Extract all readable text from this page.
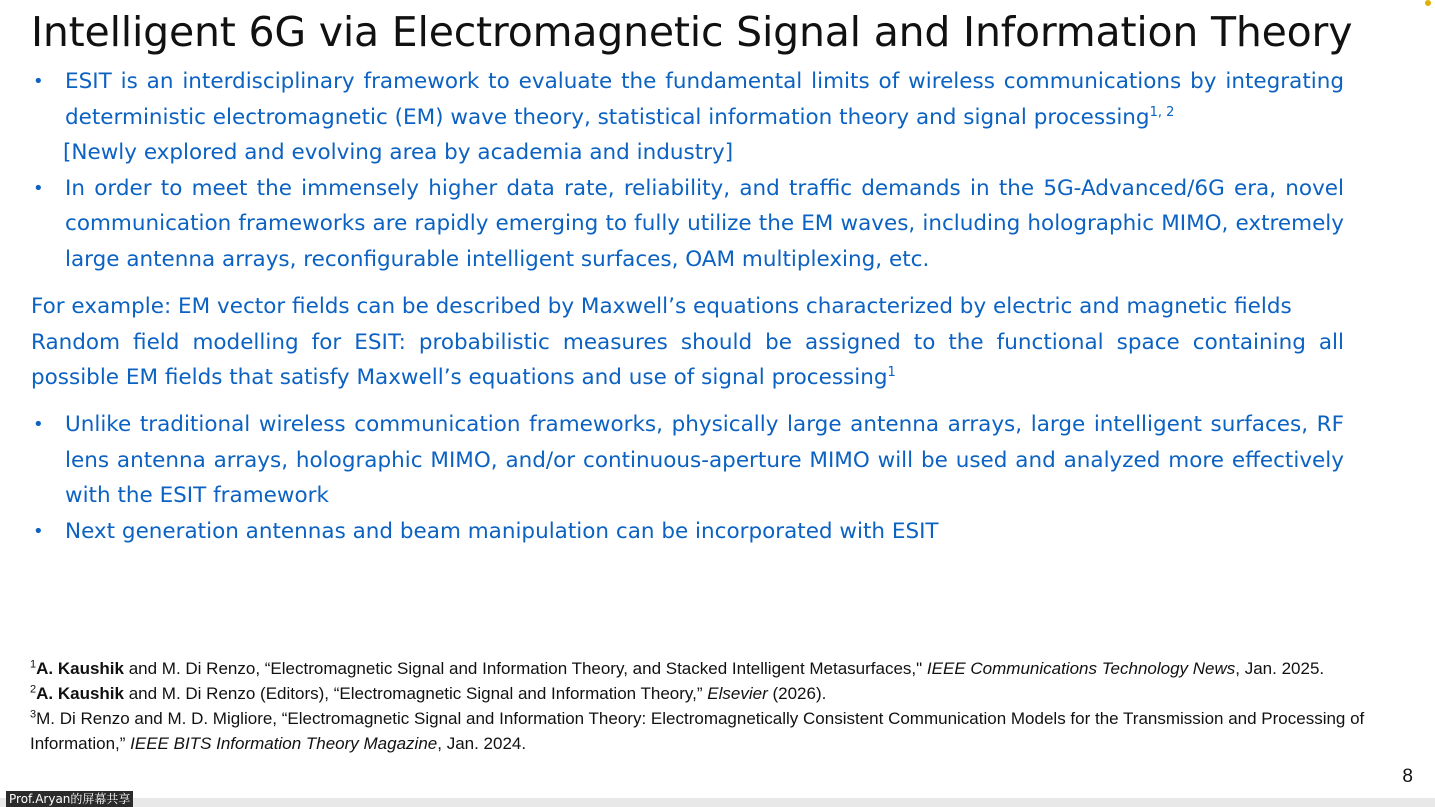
Intelligent 6G via Electromagnetic Signal and Information Theory
• ESIT is an interdisciplinary framework to evaluate the fundamental limits of wireless communications by integrating deterministic electromagnetic (EM) wave theory, statistical information theory and signal processing$^{1, 2}$
[Newly explored and evolving area by academia and industry]
• In order to meet the immensely higher data rate, reliability, and traffic demands in the 5G-Advanced/6G era, novel communication frameworks are rapidly emerging to fully utilize the EM waves, including holographic MIMO, extremely large antenna arrays, reconfigurable intelligent surfaces, OAM multiplexing, etc.
For example: EM vector fields can be described by Maxwell’s equations characterized by electric and magnetic fields
Random field modelling for ESIT: probabilistic measures should be assigned to the functional space containing all possible EM fields that satisfy Maxwell’s equations and use of signal processing$^1$
• Unlike traditional wireless communication frameworks, physically large antenna arrays, large intelligent surfaces, RF lens antenna arrays, holographic MIMO, and/or continuous-aperture MIMO will be used and analyzed more effectively with the ESIT framework
• Next generation antennas and beam manipulation can be incorporated with ESIT
$^1$A. Kaushik and M. Di Renzo, “Electromagnetic Signal and Information Theory, and Stacked Intelligent Metasurfaces," IEEE Communications Technology News, Jan. 2025.
$^2$A. Kaushik and M. Di Renzo (Editors), “Electromagnetic Signal and Information Theory,” Elsevier (2026).
$^3$M. Di Renzo and M. D. Migliore, “Electromagnetic Signal and Information Theory: Electromagnetically Consistent Communication Models for the Transmission and Processing of Information,” IEEE BITS Information Theory Magazine, Jan. 2024.
8
Prof.Aryan的屏幕共享
